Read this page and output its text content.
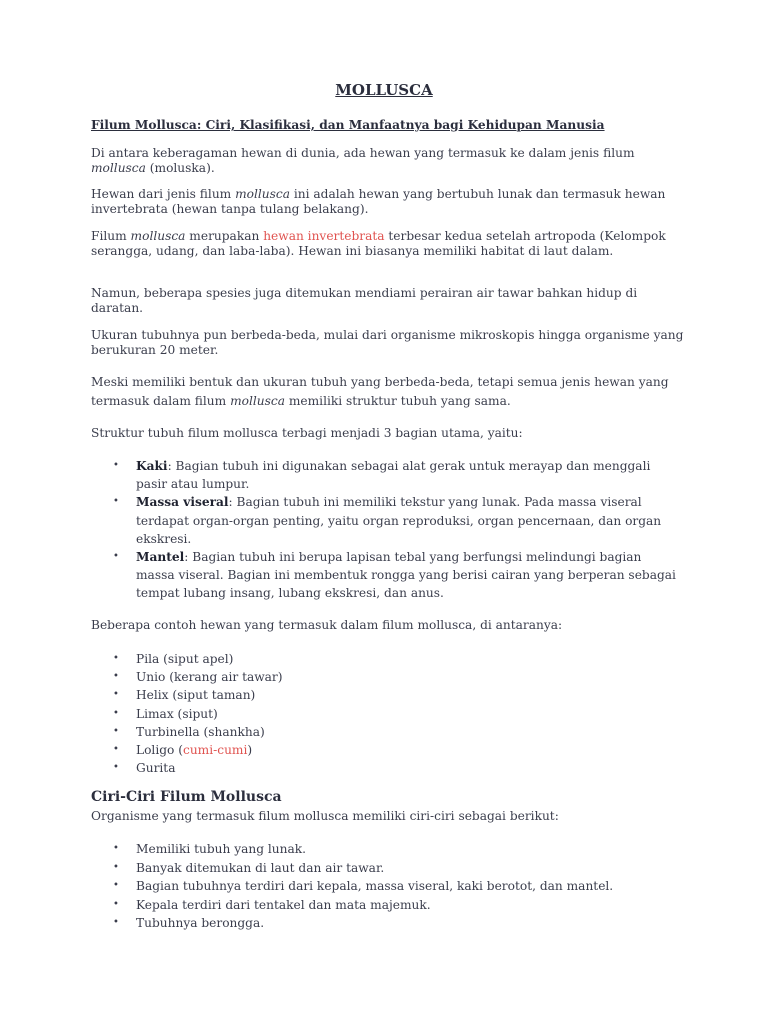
MOLLUSCA

Filum Mollusca: Ciri, Klasifikasi, dan Manfaatnya bagi Kehidupan Manusia

Di antara keberagaman hewan di dunia, ada hewan yang termasuk ke dalam jenis filum mollusca (moluska).

Hewan dari jenis filum mollusca ini adalah hewan yang bertubuh lunak dan termasuk hewan invertebrata (hewan tanpa tulang belakang).

Filum mollusca merupakan hewan invertebrata terbesar kedua setelah artropoda (Kelompok serangga, udang, dan laba-laba). Hewan ini biasanya memiliki habitat di laut dalam.

Namun, beberapa spesies juga ditemukan mendiami perairan air tawar bahkan hidup di daratan.

Ukuran tubuhnya pun berbeda-beda, mulai dari organisme mikroskopis hingga organisme yang berukuran 20 meter.

Meski memiliki bentuk dan ukuran tubuh yang berbeda-beda, tetapi semua jenis hewan yang termasuk dalam filum mollusca memiliki struktur tubuh yang sama.

Struktur tubuh filum mollusca terbagi menjadi 3 bagian utama, yaitu:

• Kaki: Bagian tubuh ini digunakan sebagai alat gerak untuk merayap dan menggali pasir atau lumpur.
• Massa viseral: Bagian tubuh ini memiliki tekstur yang lunak. Pada massa viseral terdapat organ-organ penting, yaitu organ reproduksi, organ pencernaan, dan organ ekskresi.
• Mantel: Bagian tubuh ini berupa lapisan tebal yang berfungsi melindungi bagian massa viseral. Bagian ini membentuk rongga yang berisi cairan yang berperan sebagai tempat lubang insang, lubang ekskresi, dan anus.

Beberapa contoh hewan yang termasuk dalam filum mollusca, di antaranya:

• Pila (siput apel)
• Unio (kerang air tawar)
• Helix (siput taman)
• Limax (siput)
• Turbinella (shankha)
• Loligo (cumi-cumi)
• Gurita
Ciri-Ciri Filum Mollusca

Organisme yang termasuk filum mollusca memiliki ciri-ciri sebagai berikut:

• Memiliki tubuh yang lunak.
• Banyak ditemukan di laut dan air tawar.
• Bagian tubuhnya terdiri dari kepala, massa viseral, kaki berotot, dan mantel.
• Kepala terdiri dari tentakel dan mata majemuk.
• Tubuhnya berongga.
